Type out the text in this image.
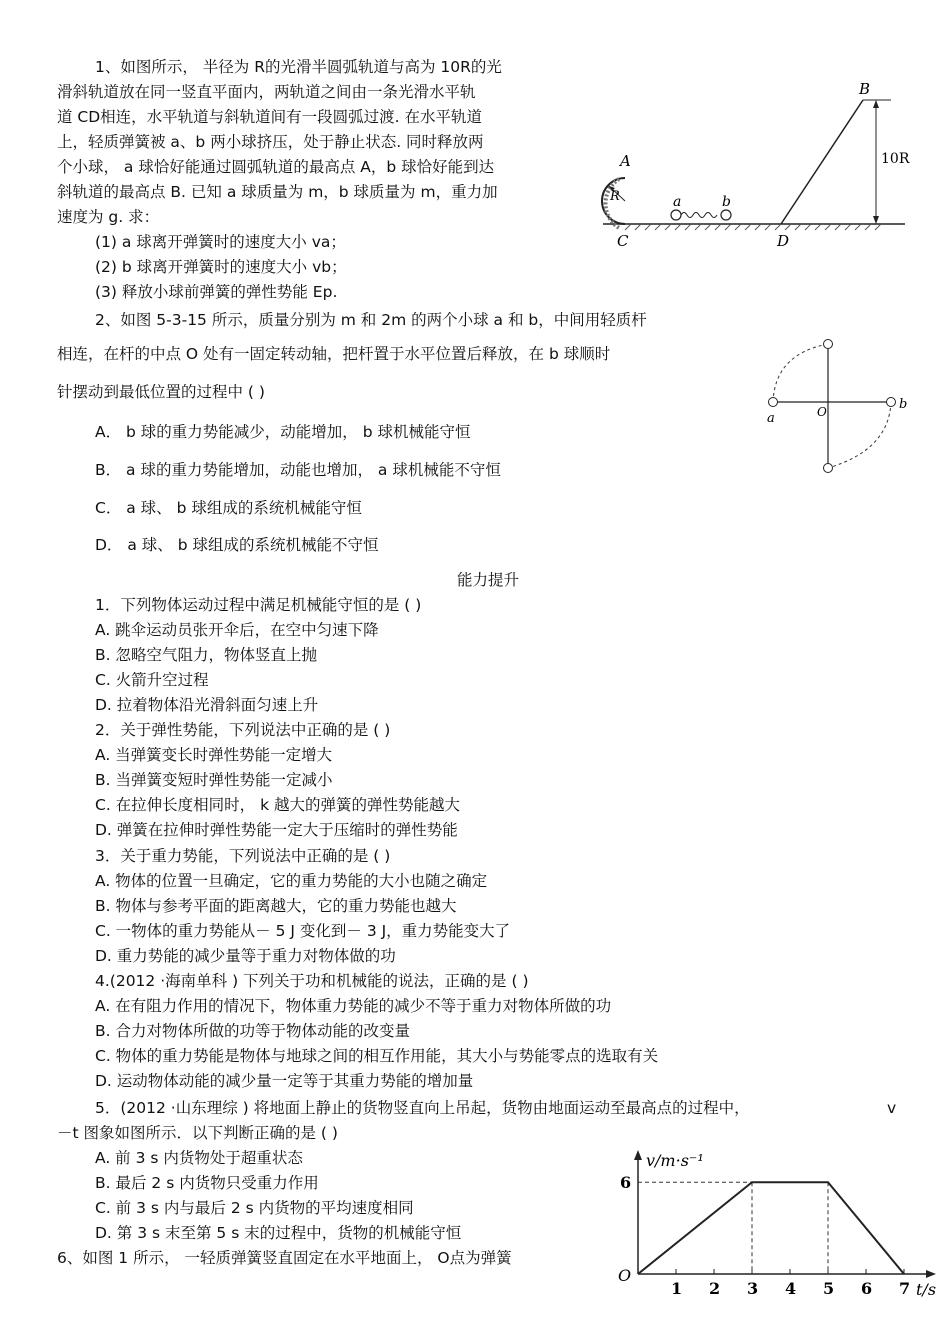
1、如图所示， 半径为 R的光滑半圆弧轨道与高为 10R的光
滑斜轨道放在同一竖直平面内，两轨道之间由一条光滑水平轨
道 CD相连，水平轨道与斜轨道间有一段圆弧过渡. 在水平轨道
上，轻质弹簧被 a、b 两小球挤压，处于静止状态. 同时释放两
个小球， a 球恰好能通过圆弧轨道的最高点 A，b 球恰好能到达
斜轨道的最高点 B. 已知 a 球质量为 m，b 球质量为 m，重力加
速度为 g. 求：
(1) a 球离开弹簧时的速度大小 va；
(2) b 球离开弹簧时的速度大小 vb；
(3) 释放小球前弹簧的弹性势能 Ep.
A
R	a	b
B
C	D
10R
2、如图 5-3-15 所示，质量分别为 m 和 2m 的两个小球 a 和 b，中间用轻质杆
相连，在杆的中点 O 处有一固定转动轴，把杆置于水平位置后释放，在 b 球顺时
针摆动到最低位置的过程中 ( )
A． b 球的重力势能减少，动能增加， b 球机械能守恒
B． a 球的重力势能增加，动能也增加， a 球机械能不守恒
C． a 球、 b 球组成的系统机械能守恒
D． a 球、 b 球组成的系统机械能不守恒
a	O	b
能力提升
1．下列物体运动过程中满足机械能守恒的是 ( )
A. 跳伞运动员张开伞后，在空中匀速下降
B. 忽略空气阻力，物体竖直上抛
C. 火箭升空过程
D. 拉着物体沿光滑斜面匀速上升
2．关于弹性势能，下列说法中正确的是 ( )
A. 当弹簧变长时弹性势能一定增大
B. 当弹簧变短时弹性势能一定减小
C. 在拉伸长度相同时， k 越大的弹簧的弹性势能越大
D. 弹簧在拉伸时弹性势能一定大于压缩时的弹性势能
3．关于重力势能，下列说法中正确的是 ( )
A. 物体的位置一旦确定，它的重力势能的大小也随之确定
B. 物体与参考平面的距离越大，它的重力势能也越大
C. 一物体的重力势能从－ 5 J 变化到－ 3 J，重力势能变大了
D. 重力势能的减少量等于重力对物体做的功
4.(2012 ·海南单科 ) 下列关于功和机械能的说法，正确的是 ( )
A. 在有阻力作用的情况下，物体重力势能的减少不等于重力对物体所做的功
B. 合力对物体所做的功等于物体动能的改变量
C. 物体的重力势能是物体与地球之间的相互作用能，其大小与势能零点的选取有关
D. 运动物体动能的减少量一定等于其重力势能的增加量
5．(2012 ·山东理综 ) 将地面上静止的货物竖直向上吊起，货物由地面运动至最高点的过程中，	v
－t 图象如图所示．以下判断正确的是 ( )
A. 前 3 s 内货物处于超重状态
B. 最后 2 s 内货物只受重力作用
C. 前 3 s 内与最后 2 s 内货物的平均速度相同
D. 第 3 s 末至第 5 s 末的过程中，货物的机械能守恒
6、如图 1 所示， 一轻质弹簧竖直固定在水平地面上， O点为弹簧
1 2 3 4 5 6 7
v/m·s⁻¹
t/s
O
6
